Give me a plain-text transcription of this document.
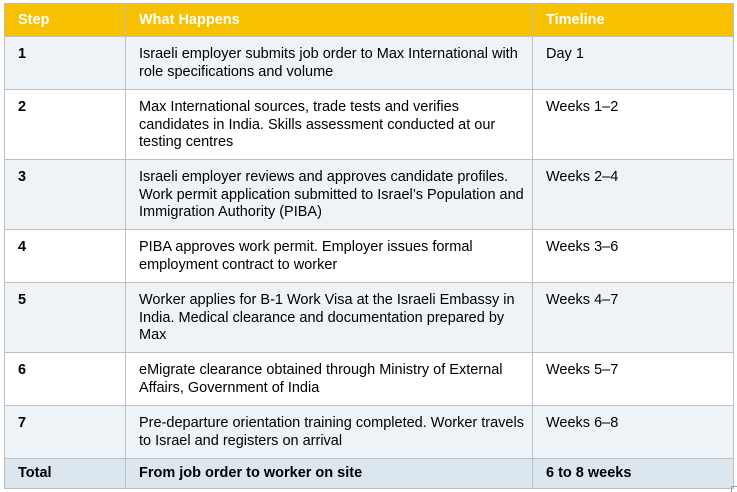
Step	What Happens	Timeline
1	Israeli employer submits job order to Max International with role specifications and volume	Day 1
2	Max International sources, trade tests and verifies candidates in India. Skills assessment conducted at our testing centres	Weeks 1–2
3	Israeli employer reviews and approves candidate profiles. Work permit application submitted to Israel’s Population and Immigration Authority (PIBA)	Weeks 2–4
4	PIBA approves work permit. Employer issues formal employment contract to worker	Weeks 3–6
5	Worker applies for B-1 Work Visa at the Israeli Embassy in India. Medical clearance and documentation prepared by Max	Weeks 4–7
6	eMigrate clearance obtained through Ministry of External Affairs, Government of India	Weeks 5–7
7	Pre-departure orientation training completed. Worker travels to Israel and registers on arrival	Weeks 6–8
Total	From job order to worker on site	6 to 8 weeks
